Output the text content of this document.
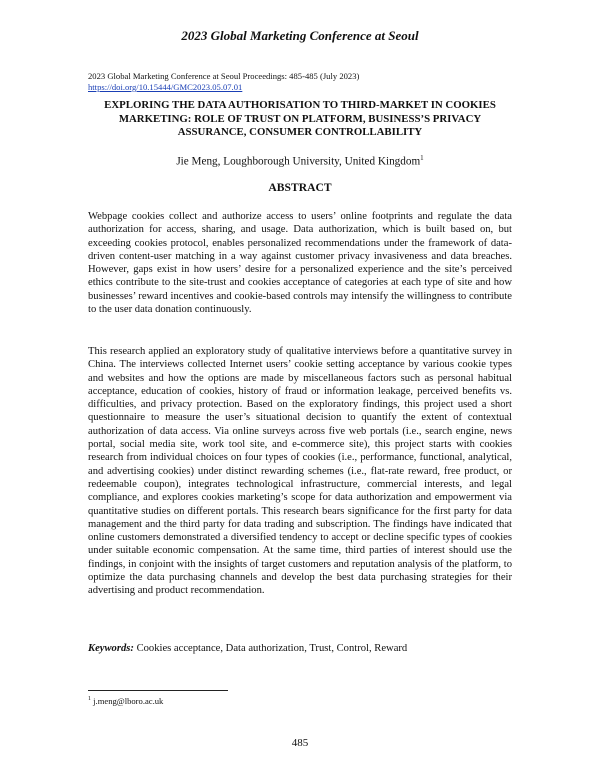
2023 Global Marketing Conference at Seoul
2023 Global Marketing Conference at Seoul Proceedings: 485-485 (July 2023)
https://doi.org/10.15444/GMC2023.05.07.01
EXPLORING THE DATA AUTHORISATION TO THIRD-MARKET IN COOKIES MARKETING: ROLE OF TRUST ON PLATFORM, BUSINESS’S PRIVACY ASSURANCE, CONSUMER CONTROLLABILITY
Jie Meng, Loughborough University, United Kingdom$^1$
ABSTRACT

Webpage cookies collect and authorize access to users’ online footprints and regulate the data authorization for access, sharing, and usage. Data authorization, which is built based on, but exceeding cookies protocol, enables personalized recommendations under the framework of data-driven content-user matching in a way against customer privacy invasiveness and data breaches. However, gaps exist in how users’ desire for a personalized experience and the site’s perceived ethics contribute to the site-trust and cookies acceptance of categories at each type of site and how businesses’ reward incentives and cookie-based controls may intensify the willingness to contribute to the user data donation continuously.

This research applied an exploratory study of qualitative interviews before a quantitative survey in China. The interviews collected Internet users’ cookie setting acceptance by various cookie types and websites and how the options are made by miscellaneous factors such as personal habitual acceptance, education of cookies, history of fraud or information leakage, perceived benefits vs. difficulties, and privacy protection. Based on the exploratory findings, this project used a short questionnaire to measure the user’s situational decision to quantify the extent of contextual authorization of data access. Via online surveys across five web portals (i.e., search engine, news portal, social media site, work tool site, and e-commerce site), this project starts with cookies research from individual choices on four types of cookies (i.e., performance, functional, analytical, and advertising cookies) under distinct rewarding schemes (i.e., flat-rate reward, free product, or redeemable coupon), integrates technological infrastructure, commercial interests, and legal compliance, and explores cookies marketing’s scope for data authorization and empowerment via quantitative studies on different portals. This research bears significance for the first party for data management and the third party for data trading and subscription. The findings have indicated that online customers demonstrated a diversified tendency to accept or decline specific types of cookies under suitable economic compensation. At the same time, third parties of interest should use the findings, in conjoint with the insights of target customers and reputation analysis of the platform, to optimize the data purchasing channels and develop the best data purchasing strategies for their advertising and product recommendation.

Keywords: Cookies acceptance, Data authorization, Trust, Control, Reward
$^1$ j.meng@lboro.ac.uk
485
